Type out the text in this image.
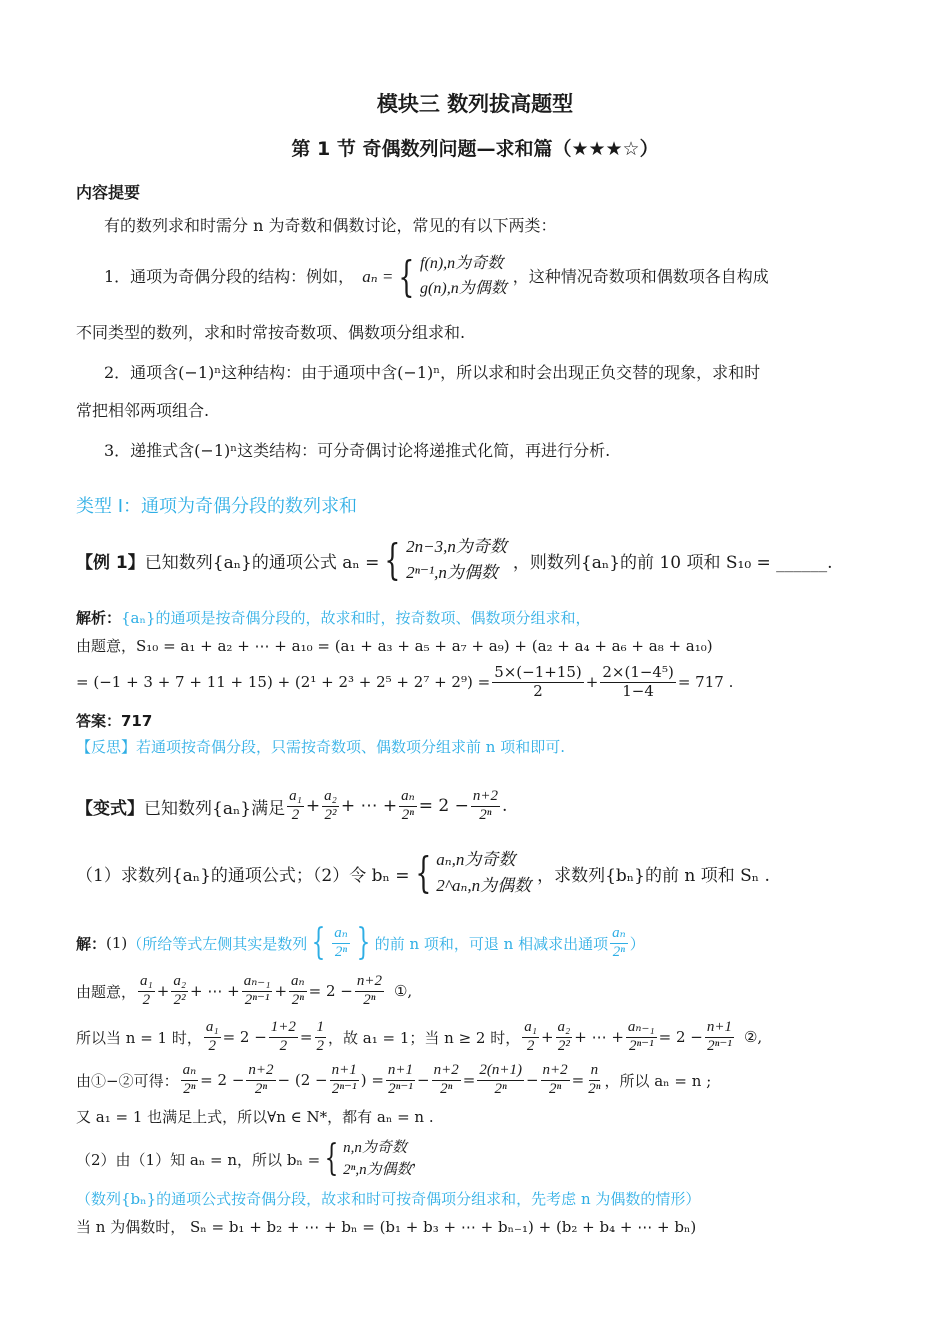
模块三 数列拔高题型
第 1 节 奇偶数列问题—求和篇（★★★☆）
内容提要
有的数列求和时需分 n 为奇数和偶数讨论，常见的有以下两类：
1．通项为奇偶分段的结构：例如， aₙ = { f(n),n为奇数
g(n),n为偶数
，这种情况奇数项和偶数项各自构成
不同类型的数列，求和时常按奇数项、偶数项分组求和.
2．通项含(−1)ⁿ这种结构：由于通项中含(−1)ⁿ，所以求和时会出现正负交替的现象，求和时
常把相邻两项组合.
3．递推式含(−1)ⁿ这类结构：可分奇偶讨论将递推式化简，再进行分析.
类型 I：通项为奇偶分段的数列求和
【例 1】 已知数列{aₙ}的通项公式 aₙ = { 2n−3,n为奇数
2ⁿ⁻¹,n为偶数 ，则数列{aₙ}的前 10 项和 S₁₀ = ______.
解析：{aₙ}的通项是按奇偶分段的，故求和时，按奇数项、偶数项分组求和，
由题意，S₁₀ = a₁ + a₂ + ⋯ + a₁₀ = (a₁ + a₃ + a₅ + a₇ + a₉) + (a₂ + a₄ + a₆ + a₈ + a₁₀)
= $(-1 + 3 + 7 + 11 + 15) + (2^1 + 2^3 + 2^5 + 2^7 + 2^9) = \frac{5\times(-1+15)}{2} + \frac{\text{2×(1−4⁵)}}{1-4} = 717$ .
答案：717
【反思】若通项按奇偶分段，只需按奇数项、偶数项分组求前 n 项和即可.
【变式】 已知数列{aₙ}满足 $\frac{\text{a₁}}{2} + \frac{\text{a₂}}{\text{2²}}$ + ⋯ + $\frac{\text{aₙ}}{\text{2ⁿ}} = 2 - \frac{n+2}{\text{2ⁿ}}$ .
（1）求数列{aₙ}的通项公式；（2）令 bₙ = { aₙ,n为奇数
2^aₙ,n为偶数 ，求数列{bₙ}的前 n 项和 Sₙ .
解： (1) （所给等式左侧其实是数列 { $\frac{\text{aₙ}}{\text{2ⁿ}}$ } 的前 n 项和，可退 n 相减求出通项 $\frac{\text{aₙ}}{\text{2ⁿ}}$ ）
由题意， $\frac{\text{a₁}}{2} + \frac{\text{a₂}}{\text{2²}}$ + ⋯ + $\frac{\text{aₙ₋₁}}{\text{2ⁿ⁻¹}} + \frac{\text{aₙ}}{\text{2ⁿ}} = 2 - \frac{n+2}{\text{2ⁿ}}$ ①,
所以当 n = 1 时， $\frac{\text{a₁}}{2} = 2 - \frac{1+2}{2} = \frac{1}{2}$ ，故 a₁ = 1；当 n ≥ 2 时， $\frac{\text{a₁}}{2} + \frac{\text{a₂}}{\text{2²}}$ + ⋯ + $\frac{\text{aₙ₋₁}}{\text{2ⁿ⁻¹}} = 2 - \frac{n+1}{\text{2ⁿ⁻¹}}$ ②,
由①−②可得： $\frac{\text{aₙ}}{\text{2ⁿ}} = 2 - \frac{n+2}{\text{2ⁿ}} - (2 - \frac{n+1}{\text{2ⁿ⁻¹}}$ ) = $\frac{n+1}{\text{2ⁿ⁻¹}} - \frac{n+2}{\text{2ⁿ}} = \frac{2(n+1)}{\text{2ⁿ}} - \frac{n+2}{\text{2ⁿ}} = \frac{n}{\text{2ⁿ}}$ ，所以 aₙ = n ;
又 a₁ = 1 也满足上式，所以∀n ∈ N*，都有 aₙ = n .
（2）由（1）知 aₙ = n，所以 bₙ = { n,n为奇数
2ⁿ,n为偶数
，
（数列{bₙ}的通项公式按奇偶分段，故求和时可按奇偶项分组求和，先考虑 n 为偶数的情形）
当 n 为偶数时， Sₙ = b₁ + b₂ + ⋯ + bₙ = (b₁ + b₃ + ⋯ + bₙ₋₁) + (b₂ + b₄ + ⋯ + bₙ)
